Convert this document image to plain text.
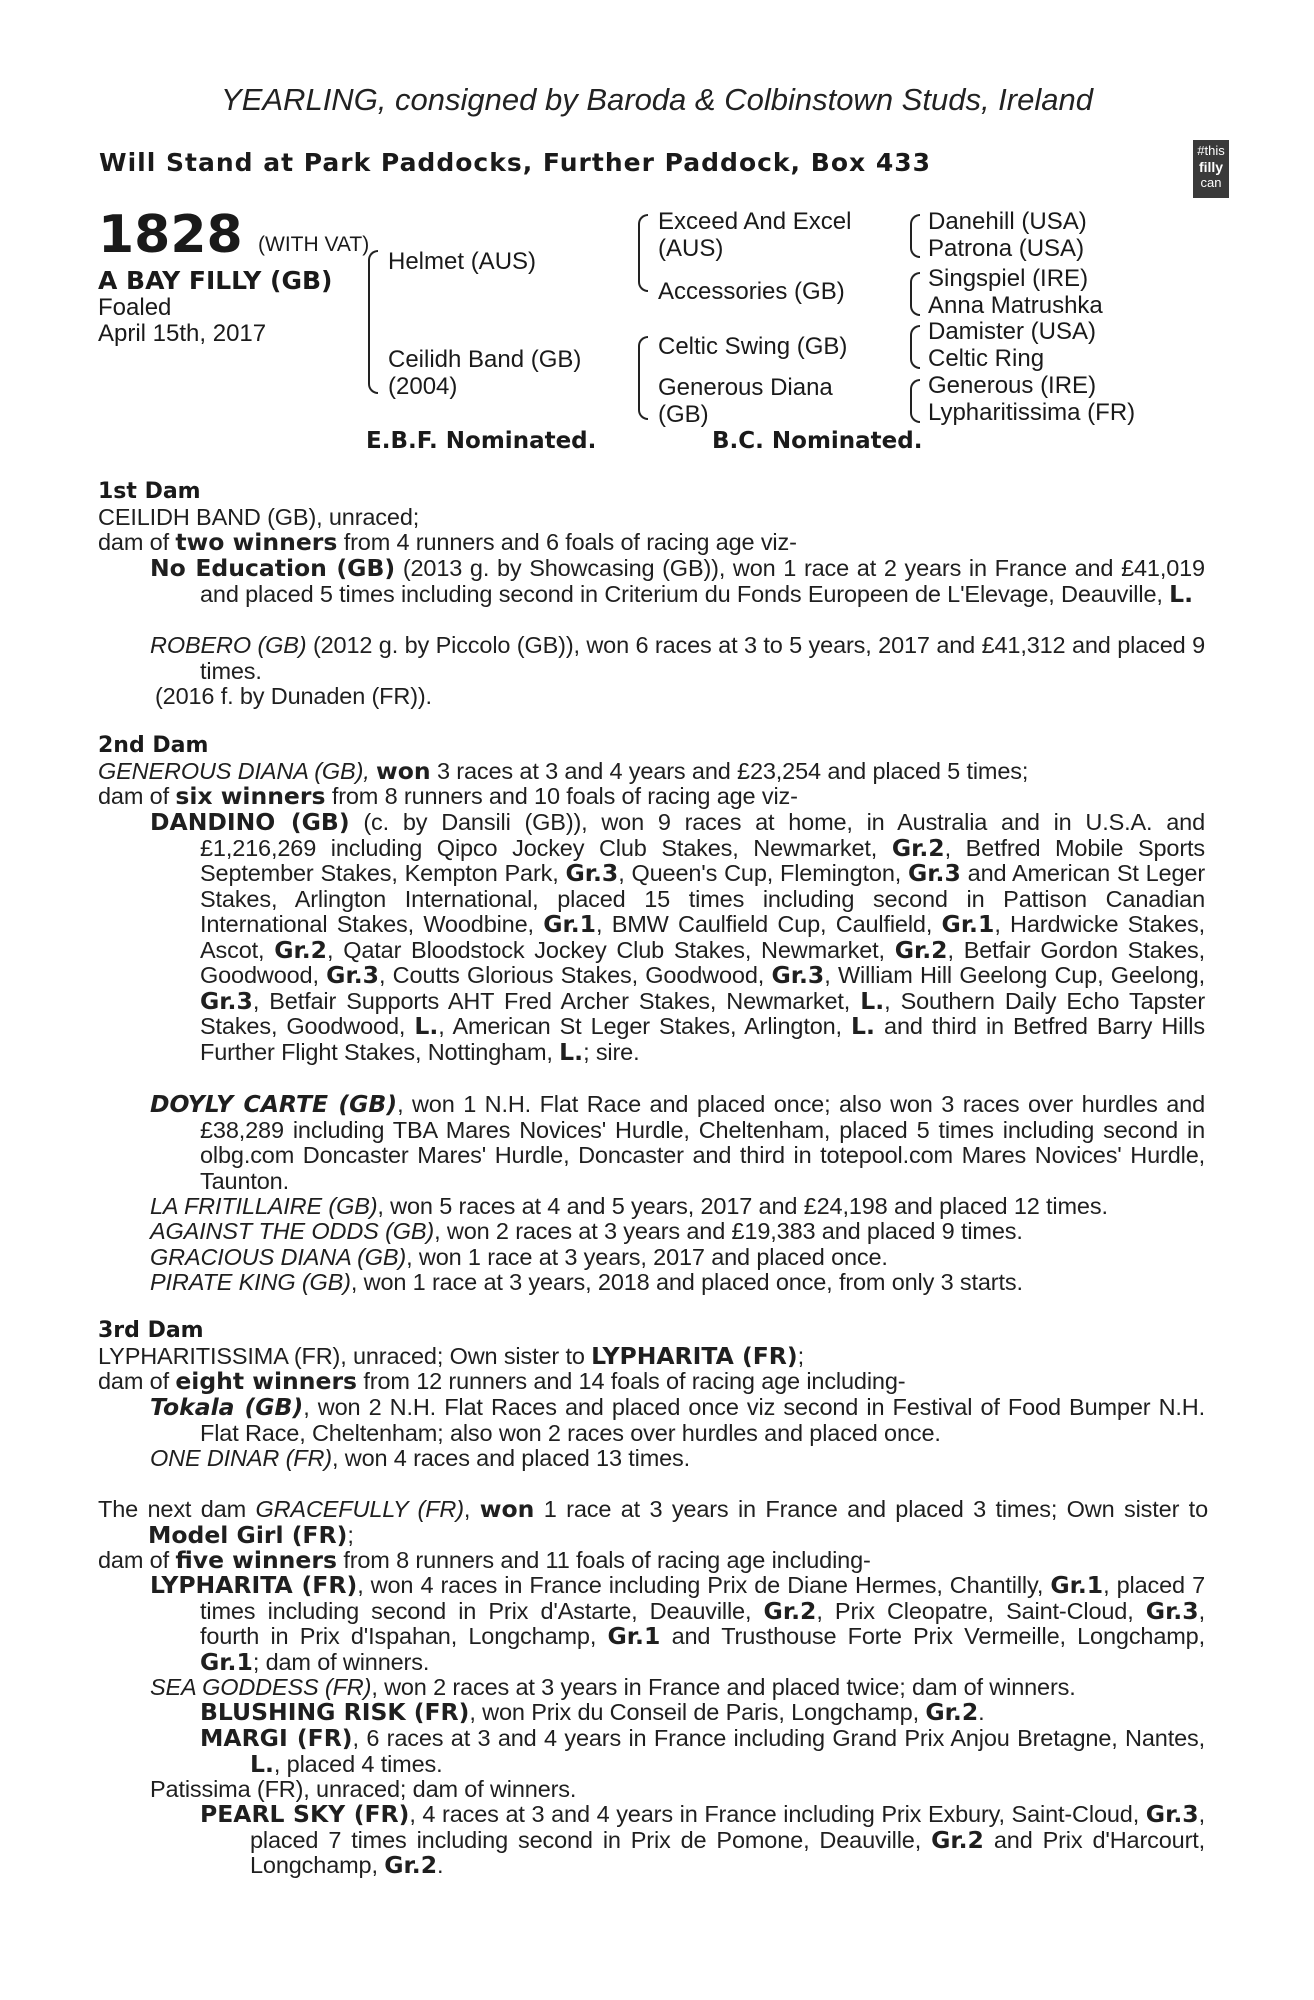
YEARLING, consigned by Baroda & Colbinstown Studs, Ireland
Will Stand at Park Paddocks, Further Paddock, Box 433	#this
filly
can
1828 (WITH VAT)
A BAY FILLY (GB)
Foaled
April 15th, 2017
Helmet (AUS)
Ceilidh Band (GB)
(2004)
Exceed And Excel
(AUS)
Accessories (GB)
Celtic Swing (GB)
Generous Diana
(GB)
Danehill (USA)
Patrona (USA)
Singspiel (IRE)
Anna Matrushka
Damister (USA)
Celtic Ring
Generous (IRE)
Lypharitissima (FR)
E.B.F. Nominated.	B.C. Nominated.
1st Dam
CEILIDH BAND (GB), unraced;
dam of two winners from 4 runners and 6 foals of racing age viz-
No Education (GB) (2013 g. by Showcasing (GB)), won 1 race at 2 years in France and £41,019 and placed 5 times including second in Criterium du Fonds Europeen de L'Elevage, Deauville, L.
ROBERO (GB) (2012 g. by Piccolo (GB)), won 6 races at 3 to 5 years, 2017 and £41,312 and placed 9 times.
(2016 f. by Dunaden (FR)).
2nd Dam
GENEROUS DIANA (GB), won 3 races at 3 and 4 years and £23,254 and placed 5 times;
dam of six winners from 8 runners and 10 foals of racing age viz-
DANDINO (GB) (c. by Dansili (GB)), won 9 races at home, in Australia and in U.S.A. and £1,216,269 including Qipco Jockey Club Stakes, Newmarket, Gr.2, Betfred Mobile Sports September Stakes, Kempton Park, Gr.3, Queen's Cup, Flemington, Gr.3 and American St Leger Stakes, Arlington International, placed 15 times including second in Pattison Canadian International Stakes, Woodbine, Gr.1, BMW Caulfield Cup, Caulfield, Gr.1, Hardwicke Stakes, Ascot, Gr.2, Qatar Bloodstock Jockey Club Stakes, Newmarket, Gr.2, Betfair Gordon Stakes, Goodwood, Gr.3, Coutts Glorious Stakes, Goodwood, Gr.3, William Hill Geelong Cup, Geelong, Gr.3, Betfair Supports AHT Fred Archer Stakes, Newmarket, L., Southern Daily Echo Tapster Stakes, Goodwood, L., American St Leger Stakes, Arlington, L. and third in Betfred Barry Hills Further Flight Stakes, Nottingham, L.; sire.
DOYLY CARTE (GB), won 1 N.H. Flat Race and placed once; also won 3 races over hurdles and £38,289 including TBA Mares Novices' Hurdle, Cheltenham, placed 5 times including second in olbg.com Doncaster Mares' Hurdle, Doncaster and third in totepool.com Mares Novices' Hurdle, Taunton.
LA FRITILLAIRE (GB), won 5 races at 4 and 5 years, 2017 and £24,198 and placed 12 times.
AGAINST THE ODDS (GB), won 2 races at 3 years and £19,383 and placed 9 times.
GRACIOUS DIANA (GB), won 1 race at 3 years, 2017 and placed once.
PIRATE KING (GB), won 1 race at 3 years, 2018 and placed once, from only 3 starts.
3rd Dam
LYPHARITISSIMA (FR), unraced; Own sister to LYPHARITA (FR);
dam of eight winners from 12 runners and 14 foals of racing age including-
Tokala (GB), won 2 N.H. Flat Races and placed once viz second in Festival of Food Bumper N.H. Flat Race, Cheltenham; also won 2 races over hurdles and placed once.
ONE DINAR (FR), won 4 races and placed 13 times.
The next dam GRACEFULLY (FR), won 1 race at 3 years in France and placed 3 times; Own sister to Model Girl (FR);
dam of five winners from 8 runners and 11 foals of racing age including-
LYPHARITA (FR), won 4 races in France including Prix de Diane Hermes, Chantilly, Gr.1, placed 7 times including second in Prix d'Astarte, Deauville, Gr.2, Prix Cleopatre, Saint-Cloud, Gr.3, fourth in Prix d'Ispahan, Longchamp, Gr.1 and Trusthouse Forte Prix Vermeille, Longchamp, Gr.1; dam of winners.
SEA GODDESS (FR), won 2 races at 3 years in France and placed twice; dam of winners.
BLUSHING RISK (FR), won Prix du Conseil de Paris, Longchamp, Gr.2.
MARGI (FR), 6 races at 3 and 4 years in France including Grand Prix Anjou Bretagne, Nantes, L., placed 4 times.
Patissima (FR), unraced; dam of winners.
PEARL SKY (FR), 4 races at 3 and 4 years in France including Prix Exbury, Saint-Cloud, Gr.3, placed 7 times including second in Prix de Pomone, Deauville, Gr.2 and Prix d'Harcourt, Longchamp, Gr.2.
